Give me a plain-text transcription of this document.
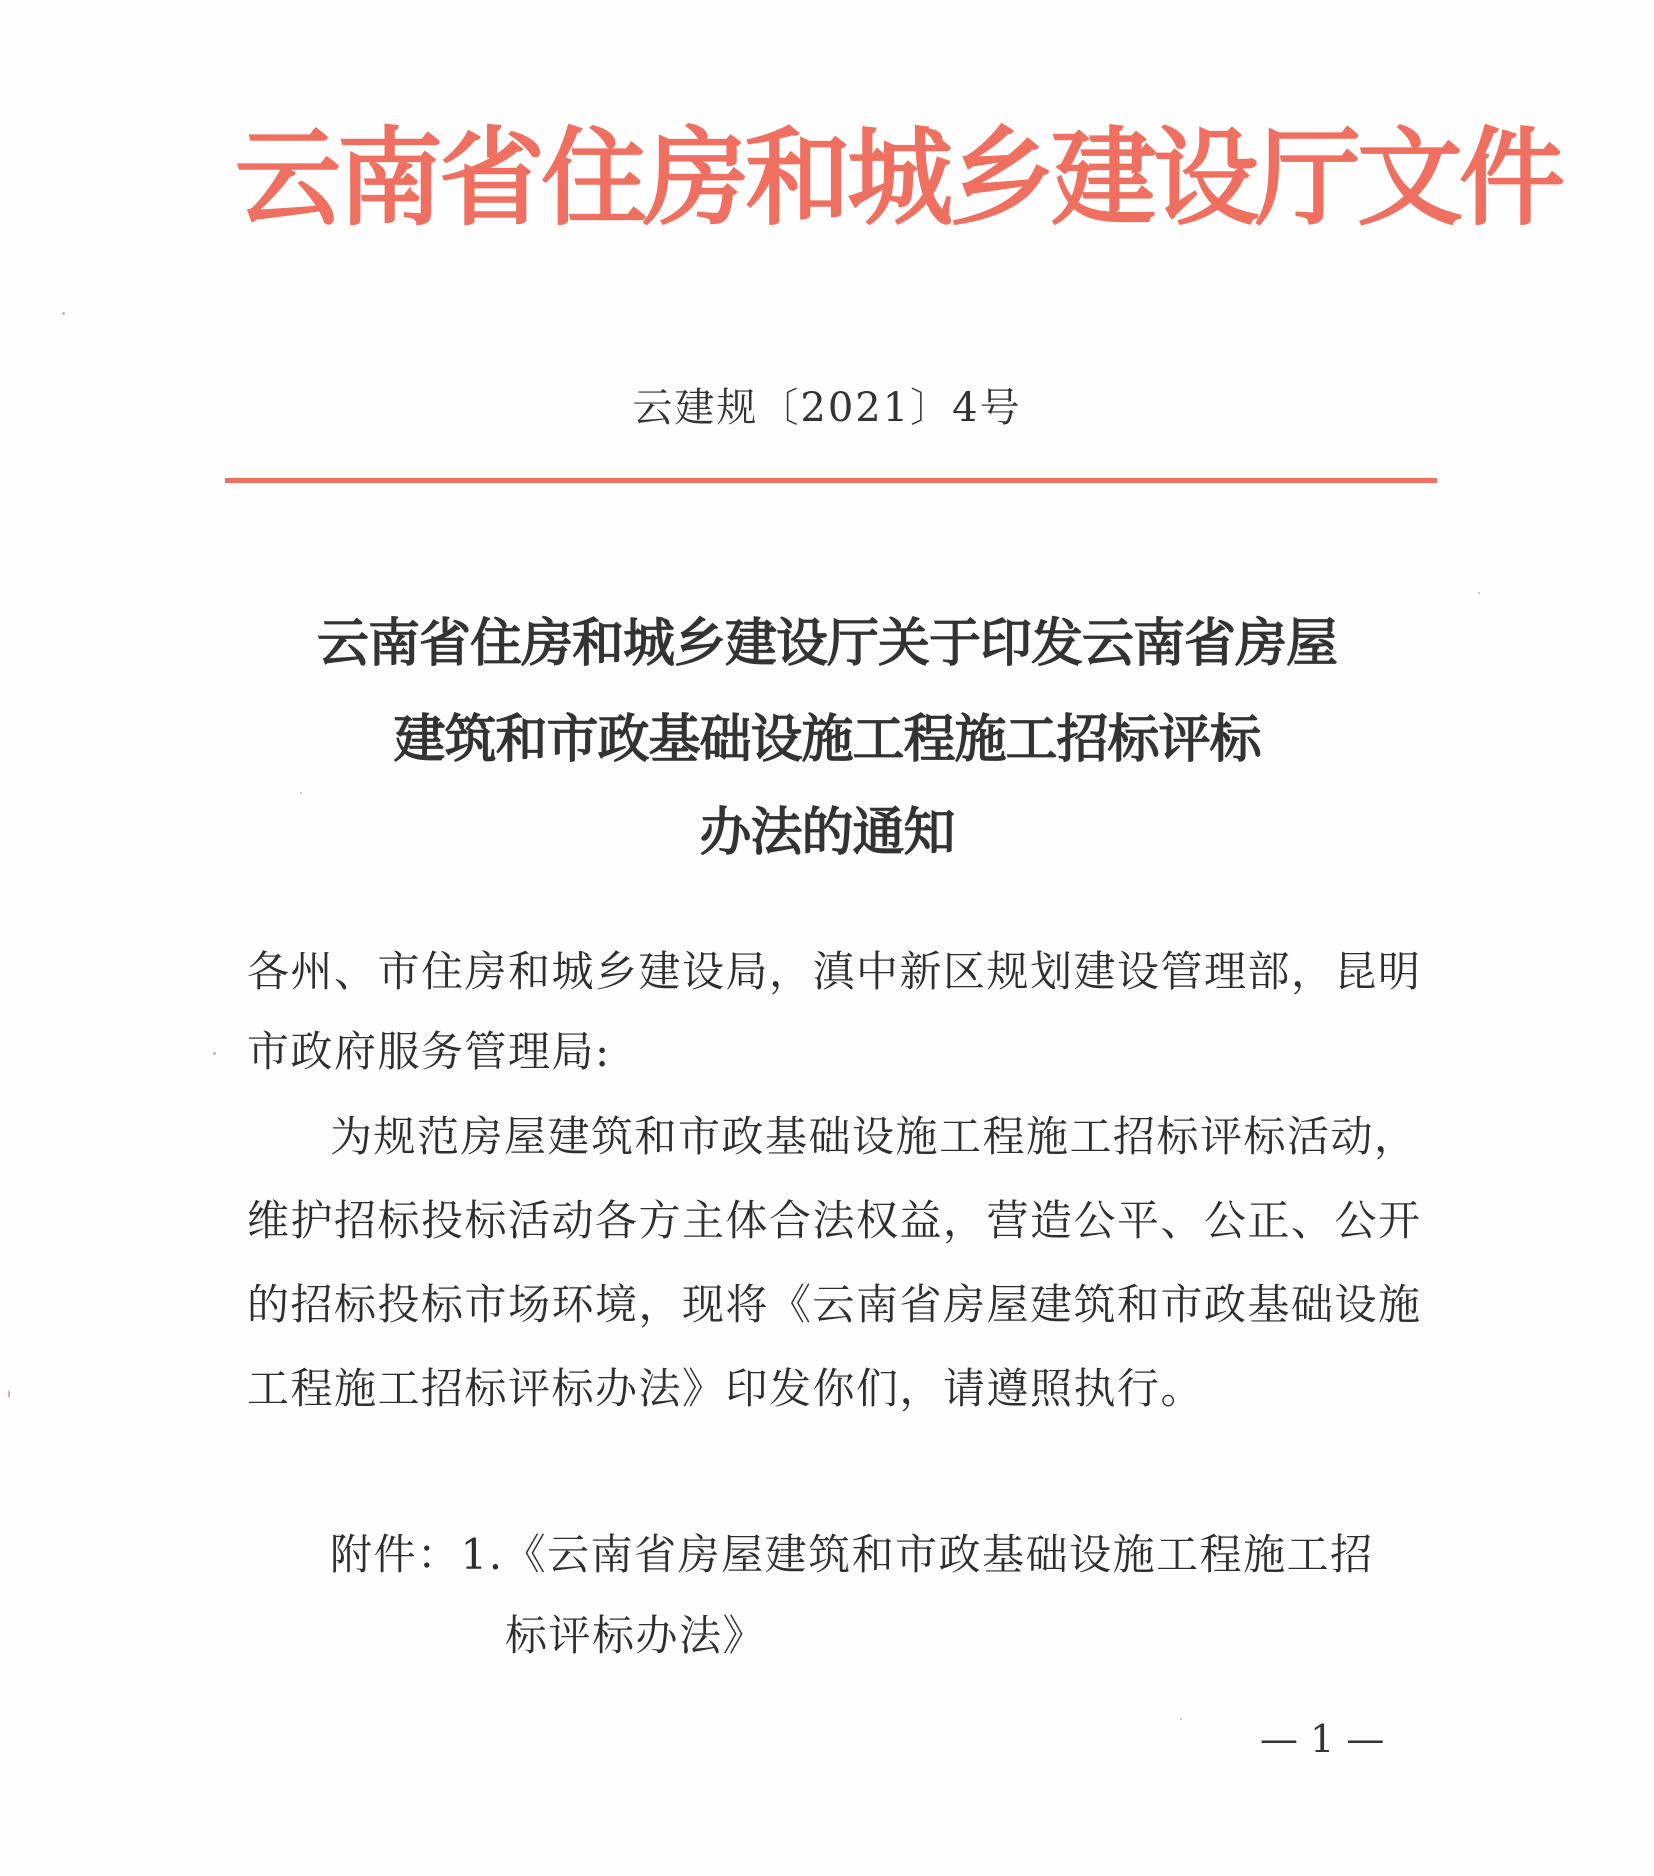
云南省住房和城乡建设厅文件
云建规〔2021〕4号
云南省住房和城乡建设厅关于印发云南省房屋
建筑和市政基础设施工程施工招标评标
办法的通知
各州、市住房和城乡建设局，滇中新区规划建设管理部，昆明
市政府服务管理局:
为规范房屋建筑和市政基础设施工程施工招标评标活动，
维护招标投标活动各方主体合法权益，营造公平、公正、公开
的招标投标市场环境，现将《云南省房屋建筑和市政基础设施
工程施工招标评标办法》印发你们，请遵照执行。
附件：1.《云南省房屋建筑和市政基础设施工程施工招
标评标办法》
— 1 —
